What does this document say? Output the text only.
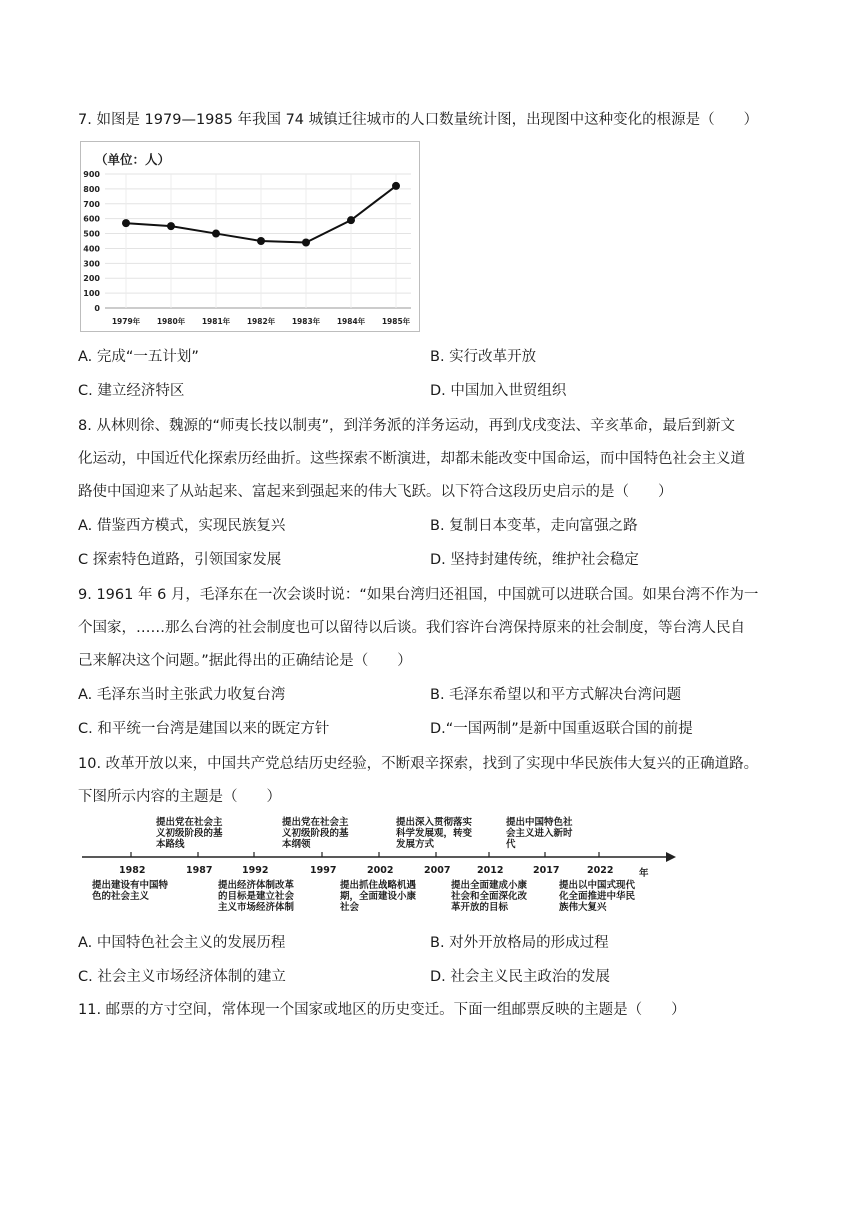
7. 如图是 1979—1985 年我国 74 城镇迁往城市的人口数量统计图，出现图中这种变化的根源是（　　）
（单位：人）
0
100
200
300
400
500
600
700
800
900
1979年 1980年 1981年 1982年 1983年 1984年 1985年
A. 完成“一五计划”	B. 实行改革开放
C. 建立经济特区	D. 中国加入世贸组织
8. 从林则徐、魏源的“师夷长技以制夷”，到洋务派的洋务运动，再到戊戌变法、辛亥革命，最后到新文
化运动，中国近代化探索历经曲折。这些探索不断演进，却都未能改变中国命运，而中国特色社会主义道
路使中国迎来了从站起来、富起来到强起来的伟大飞跃。以下符合这段历史启示的是（　　）
A. 借鉴西方模式，实现民族复兴	B. 复制日本变革，走向富强之路
C 探索特色道路，引领国家发展	D. 坚持封建传统，维护社会稳定
9. 1961 年 6 月，毛泽东在一次会谈时说：“如果台湾归还祖国，中国就可以进联合国。如果台湾不作为一
个国家，……那么台湾的社会制度也可以留待以后谈。我们容许台湾保持原来的社会制度，等台湾人民自
己来解决这个问题。”据此得出的正确结论是（　　）
A. 毛泽东当时主张武力收复台湾	B. 毛泽东希望以和平方式解决台湾问题
C. 和平统一台湾是建国以来的既定方针	D.“一国两制”是新中国重返联合国的前提
10. 改革开放以来，中国共产党总结历史经验，不断艰辛探索，找到了实现中华民族伟大复兴的正确道路。
下图所示内容的主题是（　　）
提出党在社会主义初级阶段的基本路线
提出党在社会主义初级阶段的基本纲领
提出深入贯彻落实科学发展观，转变发展方式
提出中国特色社会主义进入新时代
1982	1987	1992	1997	2002	2007	2012	2017	2022	年
提出建设有中国特色的社会主义
提出经济体制改革的目标是建立社会主义市场经济体制
提出抓住战略机遇期，全面建设小康社会
提出全面建成小康社会和全面深化改革开放的目标
提出以中国式现代化全面推进中华民族伟大复兴
A. 中国特色社会主义的发展历程	B. 对外开放格局的形成过程
C. 社会主义市场经济体制的建立	D. 社会主义民主政治的发展
11. 邮票的方寸空间，常体现一个国家或地区的历史变迁。下面一组邮票反映的主题是（　　）
